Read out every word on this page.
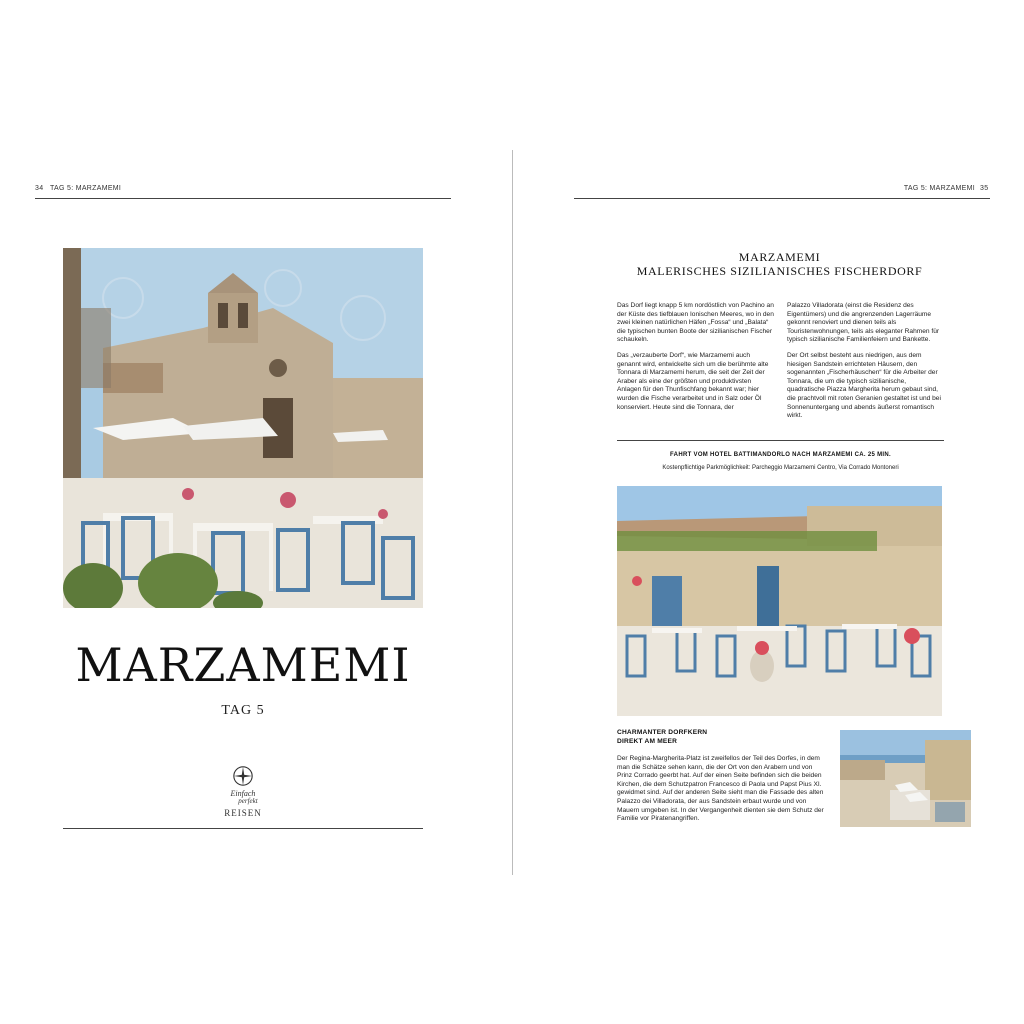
34 TAG 5: MARZAMEMI
MARZAMEMI
TAG 5
Einfach
perfekt
REISEN
TAG 5: MARZAMEMI 35
MARZAMEMI
MALERISCHES SIZILIANISCHES FISCHERDORF

Das Dorf liegt knapp 5 km nordöstlich von Pachino an der Küste des tiefblauen Ionischen Meeres, wo in den zwei kleinen natürlichen Häfen „Fossa“ und „Balata“ die typischen bunten Boote der sizilianischen Fischer schaukeln.

Das „verzauberte Dorf“, wie Marzamemi auch genannt wird, entwickelte sich um die berühmte alte Tonnara di Marzamemi herum, die seit der Zeit der Araber als eine der größten und produktivsten Anlagen für den Thunfischfang bekannt war; hier wurden die Fische verarbeitet und in Salz oder Öl konserviert. Heute sind die Tonnara, der

Palazzo Villadorata (einst die Residenz des Eigentümers) und die angrenzenden Lagerräume gekonnt renoviert und dienen teils als Touristenwohnungen, teils als eleganter Rahmen für typisch sizilianische Familienfeiern und Bankette.

Der Ort selbst besteht aus niedrigen, aus dem hiesigen Sandstein errichteten Häusern, den sogenannten „Fischerhäuschen“ für die Arbeiter der Tonnara, die um die typisch sizilianische, quadratische Piazza Margherita herum gebaut sind, die prachtvoll mit roten Geranien gestaltet ist und bei Sonnenuntergang und abends äußerst romantisch wirkt.

FAHRT VOM HOTEL BATTIMANDORLO NACH MARZAMEMI CA. 25 MIN.
Kostenpflichtige Parkmöglichkeit: Parcheggio Marzamemi Centro, Via Corrado Montoneri
CHARMANTER DORFKERN
DIREKT AM MEER
Der Regina-Margherita-Platz ist zweifellos der Teil des Dorfes, in dem man die Schätze sehen kann, die der Ort von den Arabern und von Prinz Corrado geerbt hat. Auf der einen Seite befinden sich die beiden Kirchen, die dem Schutzpatron Francesco di Paola und Papst Pius XI. gewidmet sind. Auf der anderen Seite sieht man die Fassade des alten Palazzo dei Villadorata, der aus Sandstein erbaut wurde und von Mauern umgeben ist. In der Vergangenheit dienten sie dem Schutz der Familie vor Piratenangriffen.
